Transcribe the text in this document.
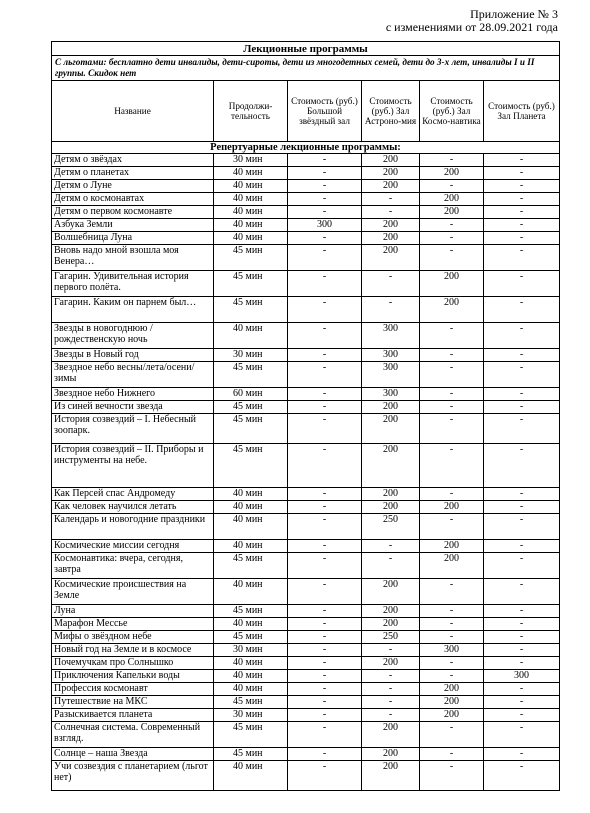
Приложение № 3
с изменениями от 28.09.2021 года
Лекционные программы					
С льготами: бесплатно дети инвалиды, дети-сироты, дети из многодетных семей, дети до 3-х лет, инвалиды I и II группы. Скидок нет					
Название	Продолжи-тельность	Стоимость (руб.) Большой звёздный зал	Стоимость (руб.) Зал Астроно-мия	Стоимость (руб.) Зал Космо-навтика	Стоимость (руб.) Зал Планета
Репертуарные лекционные программы:					
Детям о звёздах	30 мин	-	200	-	-
Детям о планетах	40 мин	-	200	200	-
Детям о Луне	40 мин	-	200	-	-
Детям о космонавтах	40 мин	-	-	200	-
Детям о первом космонавте	40 мин	-	-	200	-
Азбука Земли	40 мин	300	200	-	-
Волшебница Луна	40 мин	-	200	-	-
Вновь надо мной взошла моя Венера…	45 мин	-	200	-	-
Гагарин. Удивительная история первого полёта.	45 мин	-	-	200	-
Гагарин. Каким он парнем был…	45 мин	-	-	200	-
Звезды в новогоднюю / рождественскую ночь	40 мин	-	300	-	-
Звезды в Новый год	30 мин	-	300	-	-
Звездное небо весны/лета/осени/ зимы	45 мин	-	300	-	-
Звездное небо Нижнего	60 мин	-	300	-	-
Из синей вечности звезда	45 мин	-	200	-	-
История созвездий – I. Небесный зоопарк.	45 мин	-	200	-	-
История созвездий – II. Приборы и инструменты на небе.	45 мин	-	200	-	-
Как Персей спас Андромеду	40 мин	-	200	-	-
Как человек научился летать	40 мин	-	200	200	-
Календарь и новогодние праздники	40 мин	-	250	-	-
Космические миссии сегодня	40 мин	-	-	200	-
Космонавтика: вчера, сегодня, завтра	45 мин	-	-	200	-
Космические происшествия на Земле	40 мин	-	200	-	-
Луна	45 мин	-	200	-	-
Марафон Мессье	40 мин	-	200	-	-
Мифы о звёздном небе	45 мин	-	250	-	-
Новый год на Земле и в космосе	30 мин	-	-	300	-
Почемучкам про Солнышко	40 мин	-	200	-	-
Приключения Капельки воды	40 мин	-	-	-	300
Профессия космонавт	40 мин	-	-	200	-
Путешествие на МКС	45 мин	-	-	200	-
Разыскивается планета	30 мин	-	-	200	-
Солнечная система. Современный взгляд.	45 мин	-	200	-	-
Солнце – наша Звезда	45 мин	-	200	-	-
Учи созвездия с планетарием (льгот нет)	40 мин	-	200	-	-
